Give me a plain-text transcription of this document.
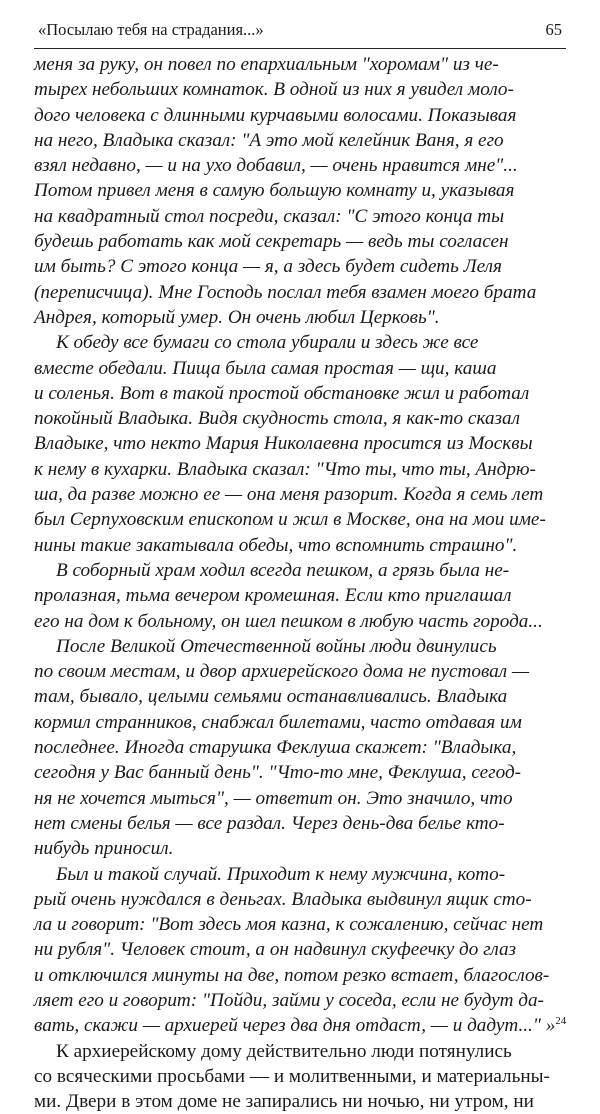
«Посылаю тебя на страдания...»	65
меня за руку, он повел по епархиальным "хоромам" из че-
тырех небольших комнаток. В одной из них я увидел моло-
дого человека с длинными курчавыми волосами. Показывая
на него, Владыка сказал: "А это мой келейник Ваня, я его
взял недавно, — и на ухо добавил, — очень нравится мне"...
Потом привел меня в самую большую комнату и, указывая
на квадратный стол посреди, сказал: "С этого конца ты
будешь работать как мой секретарь — ведь ты согласен
им быть? С этого конца — я, а здесь будет сидеть Леля
(переписчица). Мне Господь послал тебя взамен моего брата
Андрея, который умер. Он очень любил Церковь".
К обеду все бумаги со стола убирали и здесь же все
вместе обедали. Пища была самая простая — щи, каша
и соленья. Вот в такой простой обстановке жил и работал
покойный Владыка. Видя скудность стола, я как-то сказал
Владыке, что некто Мария Николаевна просится из Москвы
к нему в кухарки. Владыка сказал: "Что ты, что ты, Андрю-
ша, да разве можно ее — она меня разорит. Когда я семь лет
был Серпуховским епископом и жил в Москве, она на мои име-
нины такие закатывала обеды, что вспомнить страшно".
В соборный храм ходил всегда пешком, а грязь была не-
пролазная, тьма вечером кромешная. Если кто приглашал
его на дом к больному, он шел пешком в любую часть города...
После Великой Отечественной войны люди двинулись
по своим местам, и двор архиерейского дома не пустовал —
там, бывало, целыми семьями останавливались. Владыка
кормил странников, снабжал билетами, часто отдавая им
последнее. Иногда старушка Феклуша скажет: "Владыка,
сегодня у Вас банный день". "Что-то мне, Феклуша, сегод-
ня не хочется мыться", — ответит он. Это значило, что
нет смены белья — все раздал. Через день-два белье кто-
нибудь приносил.
Был и такой случай. Приходит к нему мужчина, кото-
рый очень нуждался в деньгах. Владыка выдвинул ящик сто-
ла и говорит: "Вот здесь моя казна, к сожалению, сейчас нет
ни рубля". Человек стоит, а он надвинул скуфеечку до глаз
и отключился минуты на две, потом резко встает, благослов-
ляет его и говорит: "Пойди, займи у соседа, если не будут да-
вать, скажи — архиерей через два дня отдаст, — и дадут..." »$^{24}$
К архиерейскому дому действительно люди потянулись
со всяческими просьбами — и молитвенными, и материальны-
ми. Двери в этом доме не запирались ни ночью, ни утром, ни
